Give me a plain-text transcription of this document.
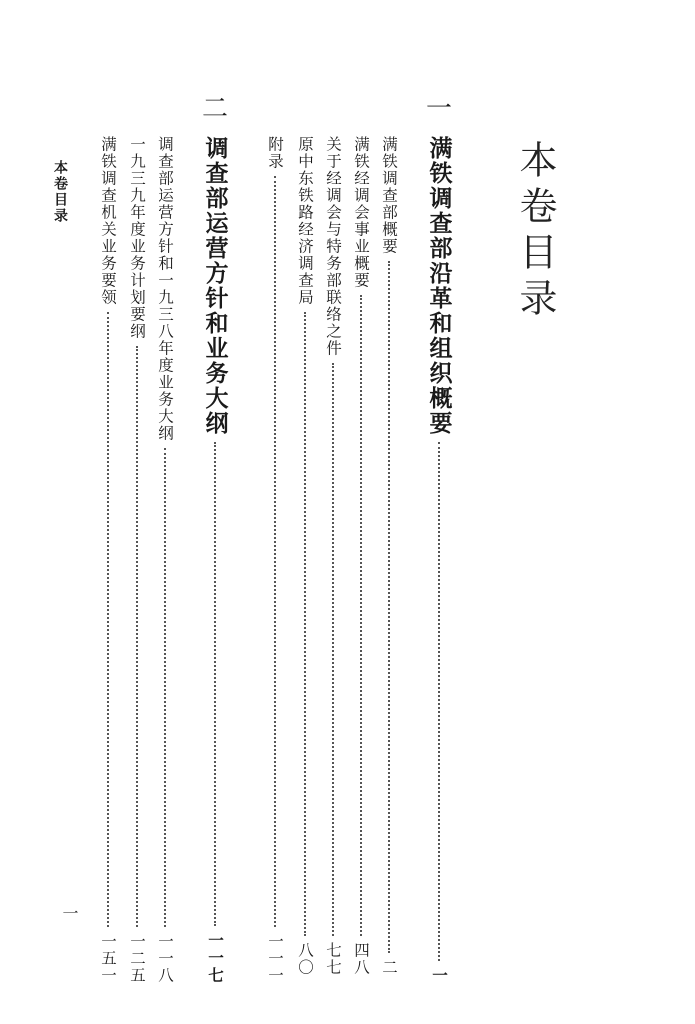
本卷目录
一
满铁调查部沿革和组织概要
一
满铁调查部概要
二
满铁经调会事业概要
四八
关于经调会与特务部联络之件
七七
原中东铁路经济调查局
八〇
附录
一一一
二
调查部运营方针和业务大纲
一一七
调查部运营方针和一九三八年度业务大纲
一一八
一九三九年度业务计划要纲
一二五
满铁调查机关业务要领
一五一
本卷目录
一
